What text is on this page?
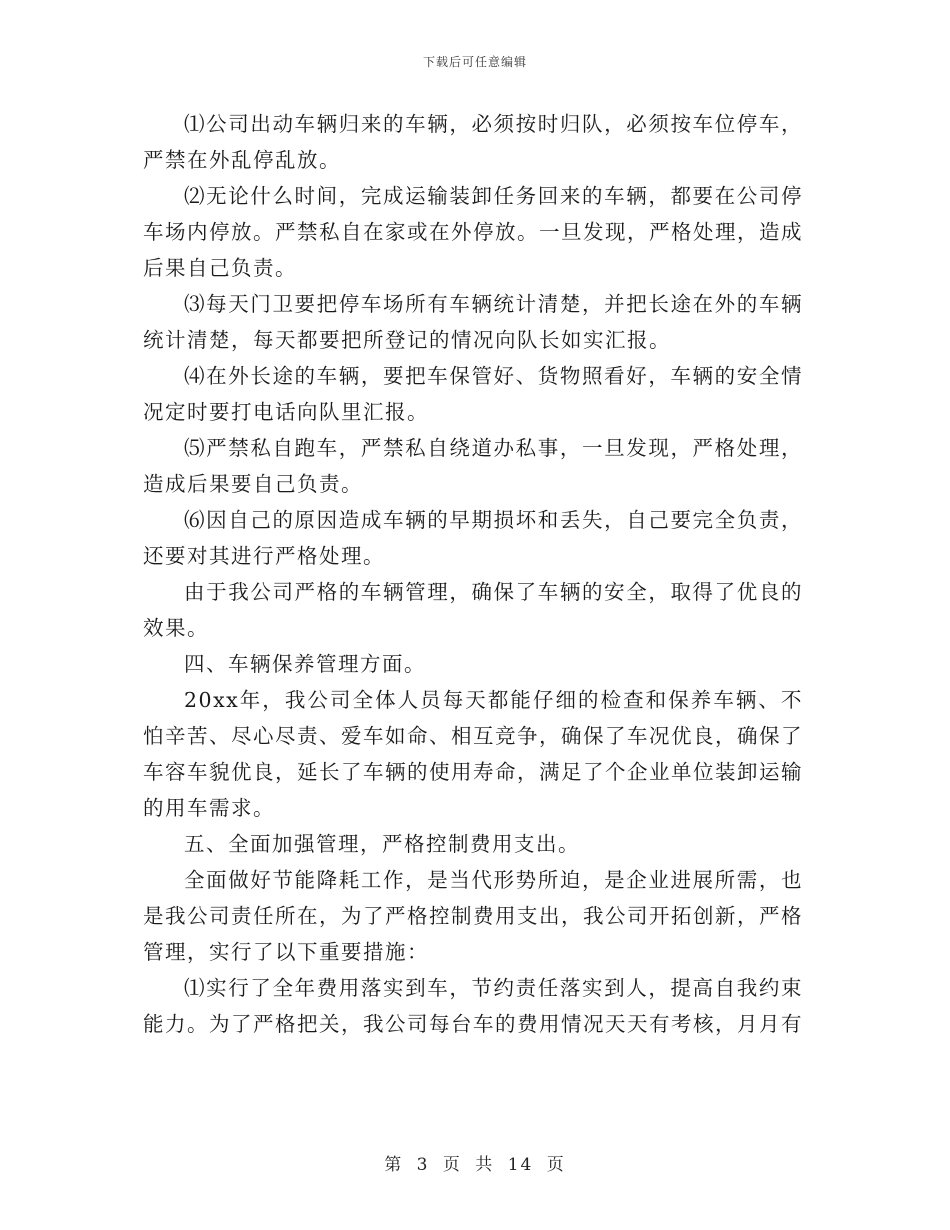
下载后可任意编辑

⑴公司出动车辆归来的车辆，必须按时归队，必须按车位停车，严禁在外乱停乱放。

⑵无论什么时间，完成运输装卸任务回来的车辆，都要在公司停车场内停放。严禁私自在家或在外停放。一旦发现，严格处理，造成后果自己负责。

⑶每天门卫要把停车场所有车辆统计清楚，并把长途在外的车辆统计清楚，每天都要把所登记的情况向队长如实汇报。

⑷在外长途的车辆，要把车保管好、货物照看好，车辆的安全情况定时要打电话向队里汇报。

⑸严禁私自跑车，严禁私自绕道办私事，一旦发现，严格处理，造成后果要自己负责。

⑹因自己的原因造成车辆的早期损坏和丢失，自己要完全负责，还要对其进行严格处理。

由于我公司严格的车辆管理，确保了车辆的安全，取得了优良的效果。

四、车辆保养管理方面。

20xx年，我公司全体人员每天都能仔细的检查和保养车辆、不怕辛苦、尽心尽责、爱车如命、相互竞争，确保了车况优良，确保了车容车貌优良，延长了车辆的使用寿命，满足了个企业单位装卸运输的用车需求。

五、全面加强管理，严格控制费用支出。

全面做好节能降耗工作，是当代形势所迫，是企业进展所需，也是我公司责任所在，为了严格控制费用支出，我公司开拓创新，严格管理，实行了以下重要措施：

⑴实行了全年费用落实到车，节约责任落实到人，提高自我约束能力。为了严格把关，我公司每台车的费用情况天天有考核，月月有

第 3 页 共 14 页
